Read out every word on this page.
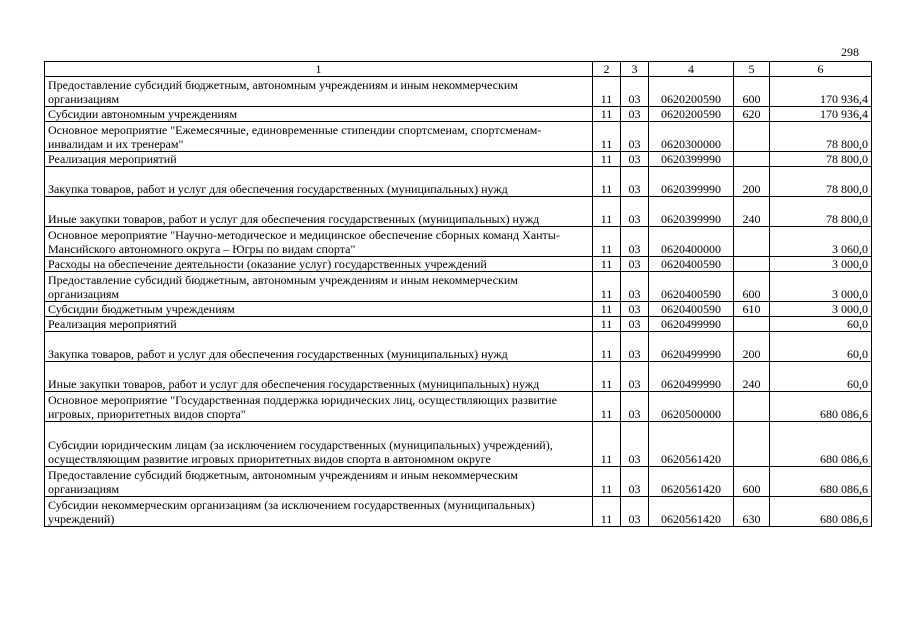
298
1	2	3	4	5	6
Предоставление субсидий бюджетным, автономным учреждениям и иным некоммерческим организациям	11	03	0620200590	600	170 936,4
Субсидии автономным учреждениям	11	03	0620200590	620	170 936,4
Основное мероприятие "Ежемесячные, единовременные стипендии спортсменам, спортсменам-инвалидам и их тренерам"	11	03	0620300000		78 800,0
Реализация мероприятий	11	03	0620399990		78 800,0
Закупка товаров, работ и услуг для обеспечения государственных (муниципальных) нужд	11	03	0620399990	200	78 800,0
Иные закупки товаров, работ и услуг для обеспечения государственных (муниципальных) нужд	11	03	0620399990	240	78 800,0
Основное мероприятие "Научно-методическое и медицинское обеспечение сборных команд Ханты-Мансийского автономного округа – Югры по видам спорта"	11	03	0620400000		3 060,0
Расходы на обеспечение деятельности (оказание услуг) государственных учреждений	11	03	0620400590		3 000,0
Предоставление субсидий бюджетным, автономным учреждениям и иным некоммерческим организациям	11	03	0620400590	600	3 000,0
Субсидии бюджетным учреждениям	11	03	0620400590	610	3 000,0
Реализация мероприятий	11	03	0620499990		60,0
Закупка товаров, работ и услуг для обеспечения государственных (муниципальных) нужд	11	03	0620499990	200	60,0
Иные закупки товаров, работ и услуг для обеспечения государственных (муниципальных) нужд	11	03	0620499990	240	60,0
Основное мероприятие "Государственная поддержка юридических лиц, осуществляющих развитие игровых, приоритетных видов спорта"	11	03	0620500000		680 086,6
Субсидии юридическим лицам (за исключением государственных (муниципальных) учреждений), осуществляющим развитие игровых приоритетных видов спорта в автономном округе	11	03	0620561420		680 086,6
Предоставление субсидий бюджетным, автономным учреждениям и иным некоммерческим организациям	11	03	0620561420	600	680 086,6
Субсидии некоммерческим организациям (за исключением государственных (муниципальных) учреждений)	11	03	0620561420	630	680 086,6
